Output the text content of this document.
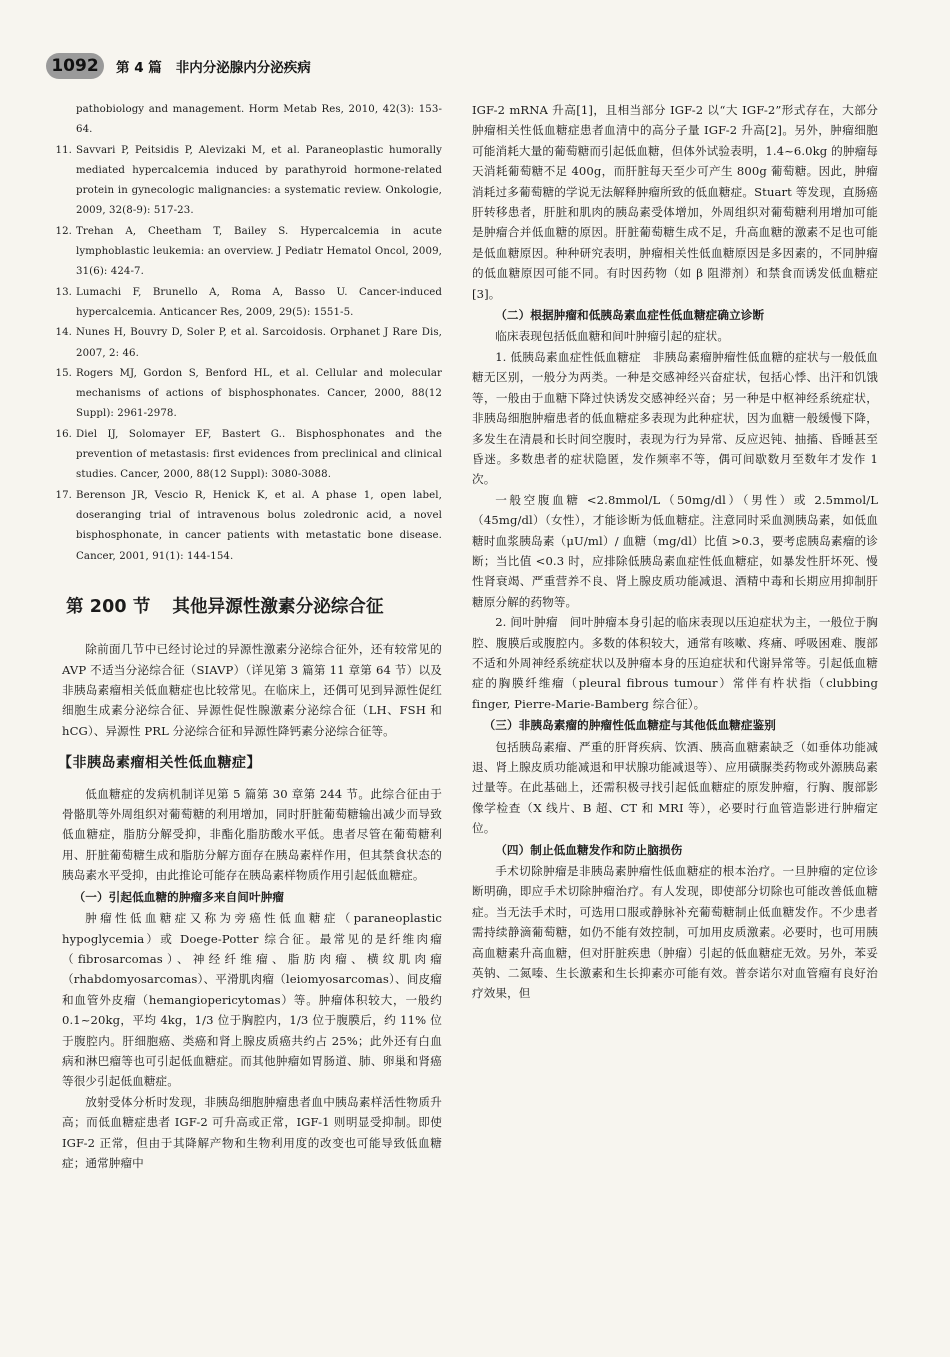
1092	第 4 篇 非内分泌腺内分泌疾病
pathobiology and management. Horm Metab Res, 2010, 42(3): 153-64.
11. Savvari P, Peitsidis P, Alevizaki M, et al. Paraneoplastic humorally mediated hypercalcemia induced by parathyroid hormone-related protein in gynecologic malignancies: a systematic review. Onkologie, 2009, 32(8-9): 517-23.
12. Trehan A, Cheetham T, Bailey S. Hypercalcemia in acute lymphoblastic leukemia: an overview. J Pediatr Hematol Oncol, 2009, 31(6): 424-7.
13. Lumachi F, Brunello A, Roma A, Basso U. Cancer-induced hypercalcemia. Anticancer Res, 2009, 29(5): 1551-5.
14. Nunes H, Bouvry D, Soler P, et al. Sarcoidosis. Orphanet J Rare Dis, 2007, 2: 46.
15. Rogers MJ, Gordon S, Benford HL, et al. Cellular and molecular mechanisms of actions of bisphosphonates. Cancer, 2000, 88(12 Suppl): 2961-2978.
16. Diel IJ, Solomayer EF, Bastert G.. Bisphosphonates and the prevention of metastasis: first evidences from preclinical and clinical studies. Cancer, 2000, 88(12 Suppl): 3080-3088.
17. Berenson JR, Vescio R, Henick K, et al. A phase 1, open label, doseranging trial of intravenous bolus zoledronic acid, a novel bisphosphonate, in cancer patients with metastatic bone disease. Cancer, 2001, 91(1): 144-154.
第 200 节 其他异源性激素分泌综合征

除前面几节中已经讨论过的异源性激素分泌综合征外，还有较常见的 AVP 不适当分泌综合征（SIAVP）（详见第 3 篇第 11 章第 64 节）以及非胰岛素瘤相关低血糖症也比较常见。在临床上，还偶可见到异源性促红细胞生成素分泌综合征、异源性促性腺激素分泌综合征（LH、FSH 和 hCG）、异源性 PRL 分泌综合征和异源性降钙素分泌综合征等。

【非胰岛素瘤相关性低血糖症】

低血糖症的发病机制详见第 5 篇第 30 章第 244 节。此综合征由于骨骼肌等外周组织对葡萄糖的利用增加，同时肝脏葡萄糖输出减少而导致低血糖症，脂肪分解受抑，非酯化脂肪酸水平低。患者尽管在葡萄糖利用、肝脏葡萄糖生成和脂肪分解方面存在胰岛素样作用，但其禁食状态的胰岛素水平受抑，由此推论可能存在胰岛素样物质作用引起低血糖症。

（一）引起低血糖的肿瘤多来自间叶肿瘤

肿瘤性低血糖症又称为旁癌性低血糖症（paraneoplastic hypoglycemia）或 Doege-Potter 综合征。最常见的是纤维肉瘤（fibrosarcomas）、神经纤维瘤、脂肪肉瘤、横纹肌肉瘤（rhabdomyosarcomas）、平滑肌肉瘤（leiomyosarcomas）、间皮瘤和血管外皮瘤（hemangiopericytomas）等。肿瘤体积较大，一般约 0.1~20kg，平均 4kg，1/3 位于胸腔内，1/3 位于腹膜后，约 11% 位于腹腔内。肝细胞癌、类癌和肾上腺皮质癌共约占 25%；此外还有白血病和淋巴瘤等也可引起低血糖症。而其他肿瘤如胃肠道、肺、卵巢和肾癌等很少引起低血糖症。

放射受体分析时发现，非胰岛细胞肿瘤患者血中胰岛素样活性物质升高；而低血糖症患者 IGF-2 可升高或正常，IGF-1 则明显受抑制。即使 IGF-2 正常，但由于其降解产物和生物利用度的改变也可能导致低血糖症；通常肿瘤中

IGF-2 mRNA 升高[1]，且相当部分 IGF-2 以“大 IGF-2”形式存在，大部分肿瘤相关性低血糖症患者血清中的高分子量 IGF-2 升高[2]。另外，肿瘤细胞可能消耗大量的葡萄糖而引起低血糖，但体外试验表明，1.4~6.0kg 的肿瘤每天消耗葡萄糖不足 400g，而肝脏每天至少可产生 800g 葡萄糖。因此，肿瘤消耗过多葡萄糖的学说无法解释肿瘤所致的低血糖症。Stuart 等发现，直肠癌肝转移患者，肝脏和肌肉的胰岛素受体增加，外周组织对葡萄糖利用增加可能是肿瘤合并低血糖的原因。肝脏葡萄糖生成不足，升高血糖的激素不足也可能是低血糖原因。种种研究表明，肿瘤相关性低血糖原因是多因素的，不同肿瘤的低血糖原因可能不同。有时因药物（如 β 阻滞剂）和禁食而诱发低血糖症[3]。

（二）根据肿瘤和低胰岛素血症性低血糖症确立诊断

临床表现包括低血糖和间叶肿瘤引起的症状。

1. 低胰岛素血症性低血糖症　非胰岛素瘤肿瘤性低血糖的症状与一般低血糖无区别，一般分为两类。一种是交感神经兴奋症状，包括心悸、出汗和饥饿等，一般由于血糖下降过快诱发交感神经兴奋；另一种是中枢神经系统症状，非胰岛细胞肿瘤患者的低血糖症多表现为此种症状，因为血糖一般缓慢下降，多发生在清晨和长时间空腹时，表现为行为异常、反应迟钝、抽搐、昏睡甚至昏迷。多数患者的症状隐匿，发作频率不等，偶可间歇数月至数年才发作 1 次。

一般空腹血糖 <2.8mmol/L（50mg/dl）（男性）或 2.5mmol/L（45mg/dl）（女性），才能诊断为低血糖症。注意同时采血测胰岛素，如低血糖时血浆胰岛素（μU/ml）/ 血糖（mg/dl）比值 >0.3，要考虑胰岛素瘤的诊断；当比值 <0.3 时，应排除低胰岛素血症性低血糖症，如暴发性肝坏死、慢性肾衰竭、严重营养不良、肾上腺皮质功能减退、酒精中毒和长期应用抑制肝糖原分解的药物等。

2. 间叶肿瘤　间叶肿瘤本身引起的临床表现以压迫症状为主，一般位于胸腔、腹膜后或腹腔内。多数的体积较大，通常有咳嗽、疼痛、呼吸困难、腹部不适和外周神经系统症状以及肿瘤本身的压迫症状和代谢异常等。引起低血糖症的胸膜纤维瘤（pleural fibrous tumour）常伴有杵状指（clubbing finger, Pierre-Marie-Bamberg 综合征）。

（三）非胰岛素瘤的肿瘤性低血糖症与其他低血糖症鉴别

包括胰岛素瘤、严重的肝肾疾病、饮酒、胰高血糖素缺乏（如垂体功能减退、肾上腺皮质功能减退和甲状腺功能减退等）、应用磺脲类药物或外源胰岛素过量等。在此基础上，还需积极寻找引起低血糖症的原发肿瘤，行胸、腹部影像学检查（X 线片、B 超、CT 和 MRI 等），必要时行血管造影进行肿瘤定位。

（四）制止低血糖发作和防止脑损伤

手术切除肿瘤是非胰岛素肿瘤性低血糖症的根本治疗。一旦肿瘤的定位诊断明确，即应手术切除肿瘤治疗。有人发现，即使部分切除也可能改善低血糖症。当无法手术时，可选用口服或静脉补充葡萄糖制止低血糖发作。不少患者需持续静滴葡萄糖，如仍不能有效控制，可加用皮质激素。必要时，也可用胰高血糖素升高血糖，但对肝脏疾患（肿瘤）引起的低血糖症无效。另外，苯妥英钠、二氮嗪、生长激素和生长抑素亦可能有效。普奈诺尔对血管瘤有良好治疗效果，但
